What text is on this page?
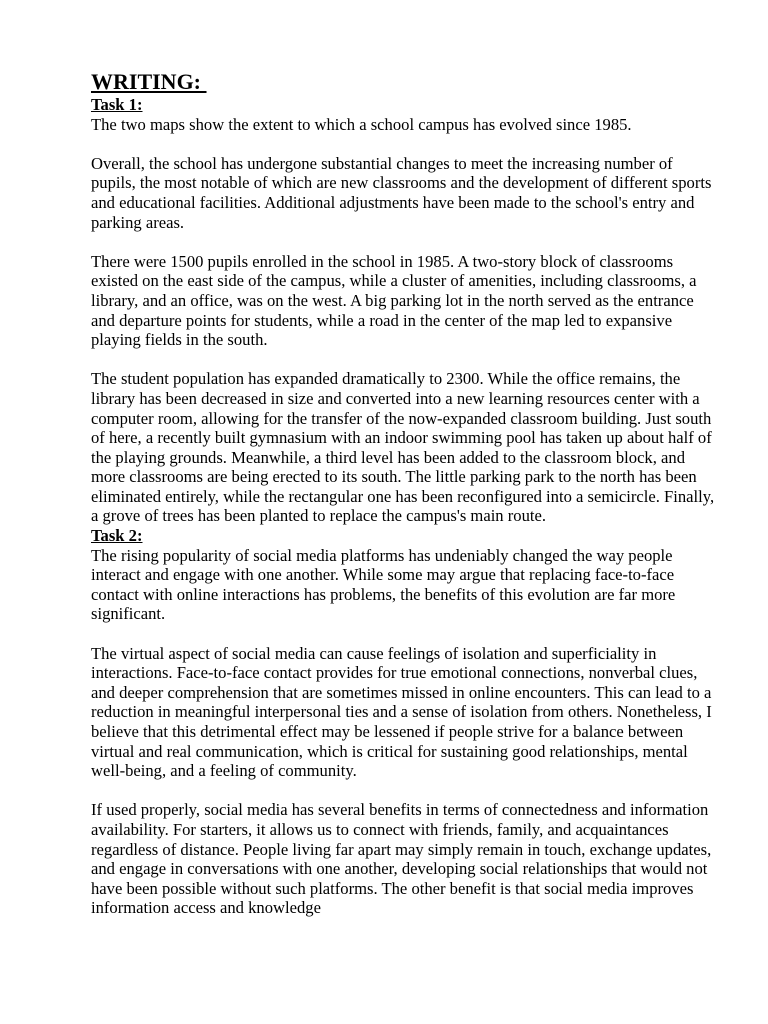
WRITING:
Task 1:

The two maps show the extent to which a school campus has evolved since 1985.

Overall, the school has undergone substantial changes to meet the increasing number of pupils, the most notable of which are new classrooms and the development of different sports and educational facilities. Additional adjustments have been made to the school's entry and parking areas.

There were 1500 pupils enrolled in the school in 1985. A two-story block of classrooms existed on the east side of the campus, while a cluster of amenities, including classrooms, a library, and an office, was on the west. A big parking lot in the north served as the entrance and departure points for students, while a road in the center of the map led to expansive playing fields in the south.

The student population has expanded dramatically to 2300. While the office remains, the library has been decreased in size and converted into a new learning resources center with a computer room, allowing for the transfer of the now-expanded classroom building. Just south of here, a recently built gymnasium with an indoor swimming pool has taken up about half of the playing grounds. Meanwhile, a third level has been added to the classroom block, and more classrooms are being erected to its south. The little parking park to the north has been eliminated entirely, while the rectangular one has been reconfigured into a semicircle. Finally, a grove of trees has been planted to replace the campus's main route.

Task 2:

The rising popularity of social media platforms has undeniably changed the way people interact and engage with one another. While some may argue that replacing face-to-face contact with online interactions has problems, the benefits of this evolution are far more significant.

The virtual aspect of social media can cause feelings of isolation and superficiality in interactions. Face-to-face contact provides for true emotional connections, nonverbal clues, and deeper comprehension that are sometimes missed in online encounters. This can lead to a reduction in meaningful interpersonal ties and a sense of isolation from others. Nonetheless, I believe that this detrimental effect may be lessened if people strive for a balance between virtual and real communication, which is critical for sustaining good relationships, mental well-being, and a feeling of community.

If used properly, social media has several benefits in terms of connectedness and information availability. For starters, it allows us to connect with friends, family, and acquaintances regardless of distance. People living far apart may simply remain in touch, exchange updates, and engage in conversations with one another, developing social relationships that would not have been possible without such platforms. The other benefit is that social media improves information access and knowledge
